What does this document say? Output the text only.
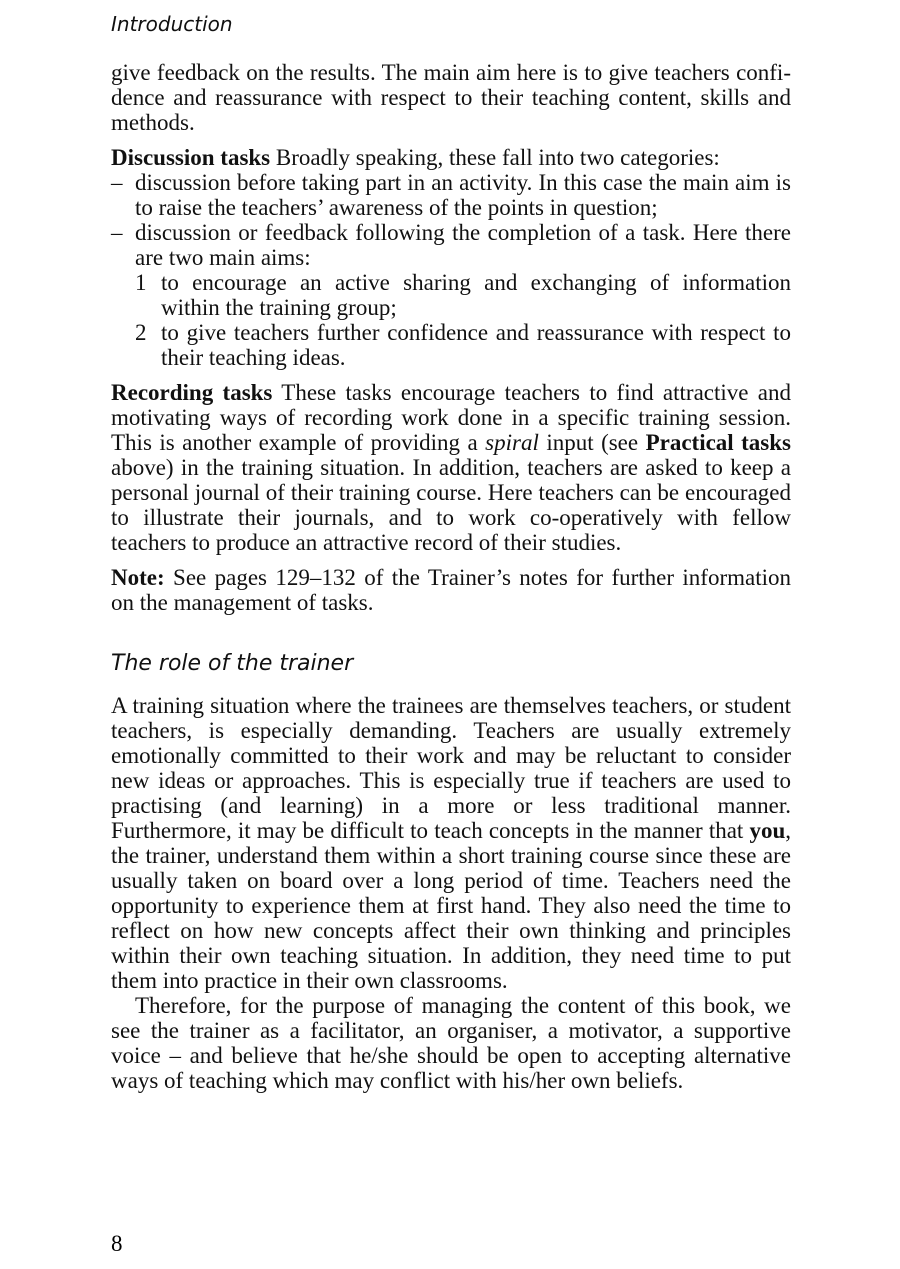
Introduction

give feedback on the results. The main aim here is to give teachers confidence and reassurance with respect to their teaching content, skills and methods.

Discussion tasks Broadly speaking, these fall into two categories:

– discussion before taking part in an activity. In this case the main aim is to raise the teachers’ awareness of the points in question;
– discussion or feedback following the completion of a task. Here there are two main aims:
1 to encourage an active sharing and exchanging of information within the training group;
2 to give teachers further confidence and reassurance with respect to their teaching ideas.

Recording tasks These tasks encourage teachers to find attractive and motivating ways of recording work done in a specific training session. This is another example of providing a spiral input (see Practical tasks above) in the training situation. In addition, teachers are asked to keep a personal journal of their training course. Here teachers can be encouraged to illustrate their journals, and to work co-operatively with fellow teachers to produce an attractive record of their studies.

Note: See pages 129–132 of the Trainer’s notes for further information on the management of tasks.

The role of the trainer

A training situation where the trainees are themselves teachers, or student teachers, is especially demanding. Teachers are usually extremely emotionally committed to their work and may be reluctant to consider new ideas or approaches. This is especially true if teachers are used to practising (and learning) in a more or less traditional manner. Furthermore, it may be difficult to teach concepts in the manner that you, the trainer, understand them within a short training course since these are usually taken on board over a long period of time. Teachers need the opportunity to experience them at first hand. They also need the time to reflect on how new concepts affect their own thinking and principles within their own teaching situation. In addition, they need time to put them into practice in their own classrooms.

Therefore, for the purpose of managing the content of this book, we see the trainer as a facilitator, an organiser, a motivator, a supportive voice – and believe that he/she should be open to accepting alternative ways of teaching which may conflict with his/her own beliefs.

8
